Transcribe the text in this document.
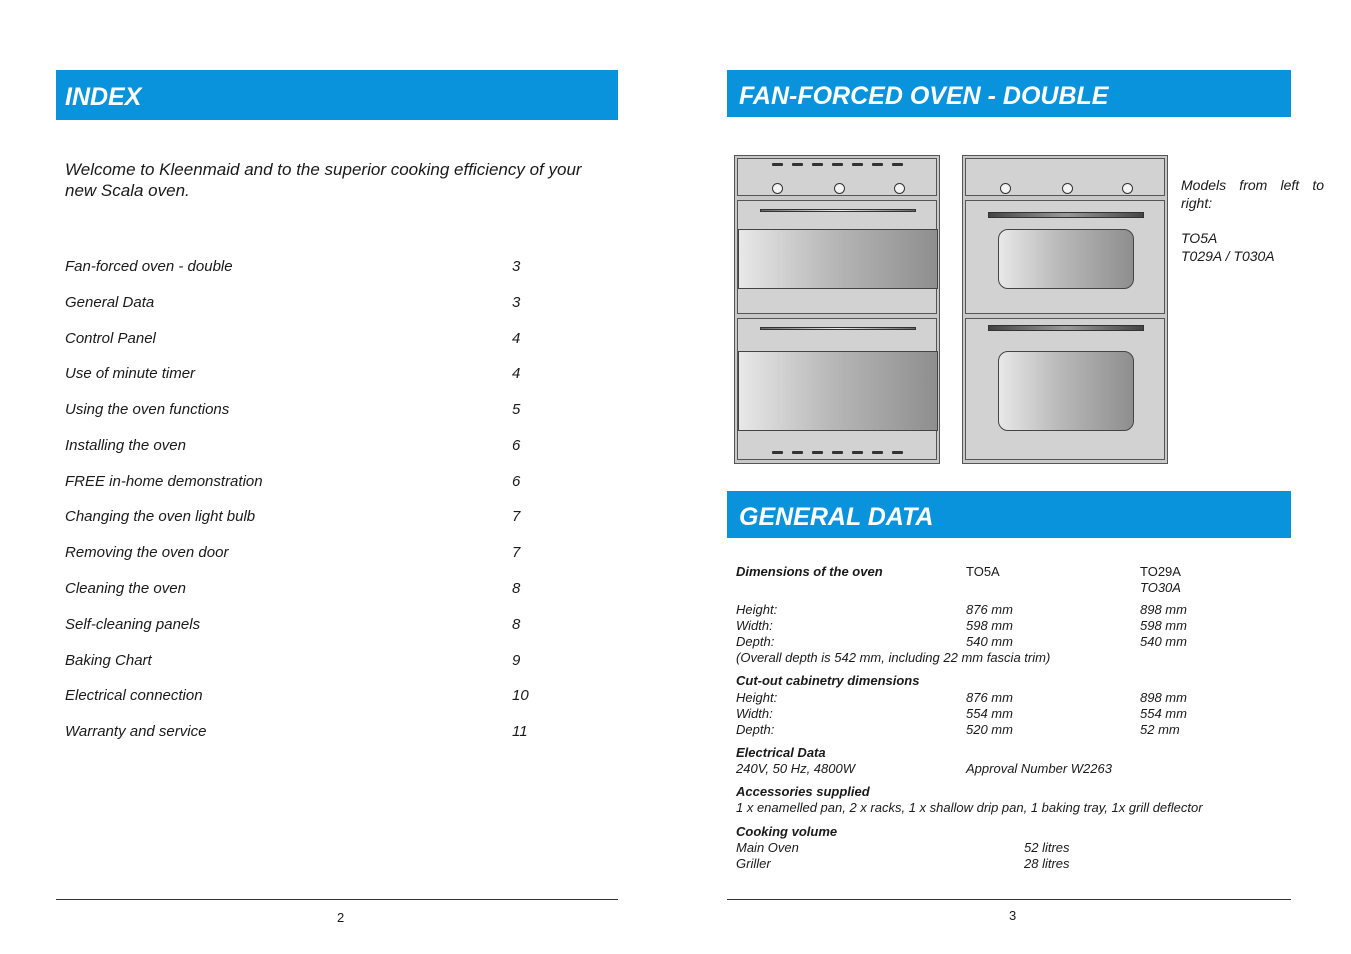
INDEX
Welcome to Kleenmaid and to the superior cooking efficiency of your new Scala oven.
Fan-forced oven - double	3
General Data	3
Control Panel	4
Use of minute timer	4
Using the oven functions	5
Installing the oven	6
FREE in-home demonstration	6
Changing the oven light bulb	7
Removing the oven door	7
Cleaning the oven	8
Self-cleaning panels	8
Baking Chart	9
Electrical connection	10
Warranty and service	11
2
FAN-FORCED OVEN - DOUBLE
Models from left to right:
TO5A
T029A / T030A
GENERAL DATA
Dimensions of the oven	TO5A	TO29A
TO30A
Height:	876 mm	898 mm
Width:	598 mm	598 mm
Depth:	540 mm	540 mm
(Overall depth is 542 mm, including 22 mm fascia trim)
Cut-out cabinetry dimensions
Height:	876 mm	898 mm
Width:	554 mm	554 mm
Depth:	520 mm	52 mm
Electrical Data
240V, 50 Hz, 4800W	Approval Number W2263
Accessories supplied
1 x enamelled pan, 2 x racks, 1 x shallow drip pan, 1 baking tray, 1x grill deflector
Cooking volume
Main Oven	52 litres
Griller	28 litres
3
